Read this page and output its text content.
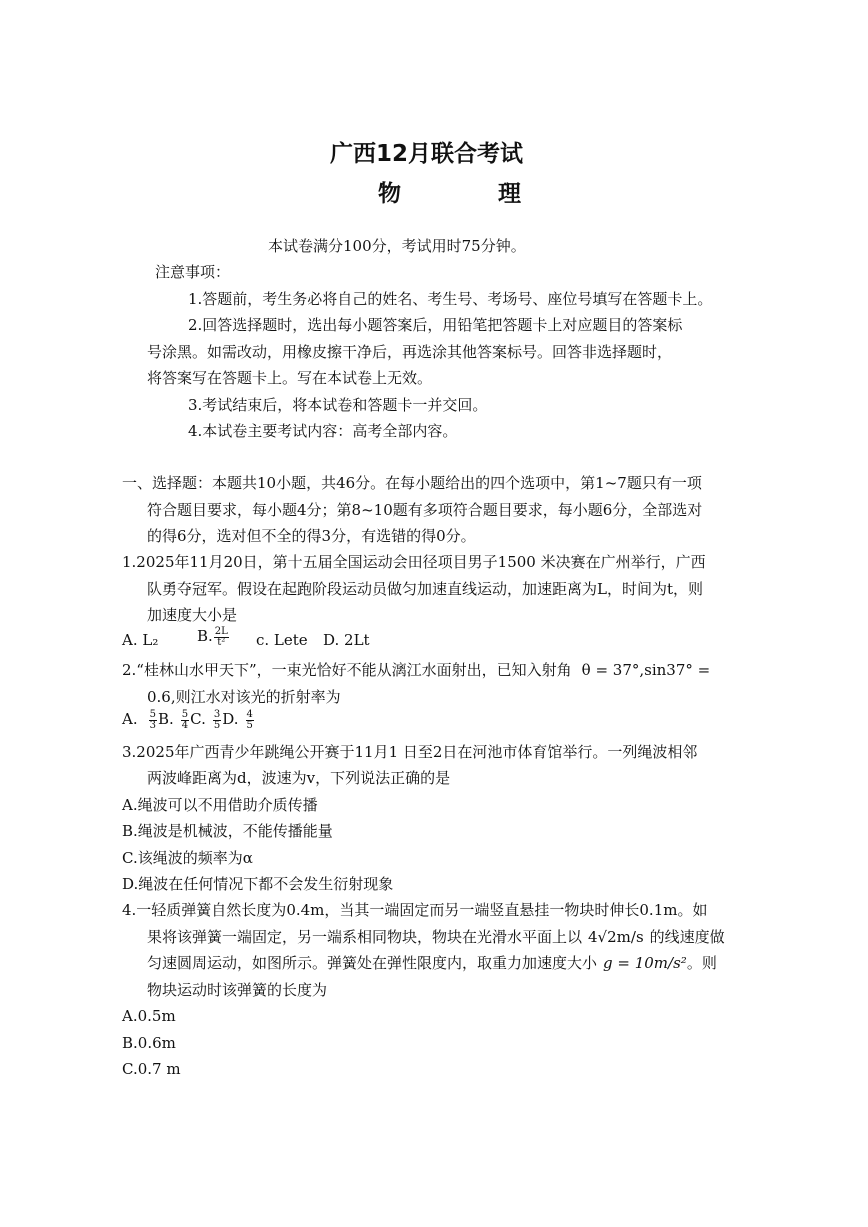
广西12月联合考试
物	理
本试卷满分100分，考试用时75分钟。
注意事项：
1.答题前，考生务必将自己的姓名、考生号、考场号、座位号填写在答题卡上。
2.回答选择题时，选出每小题答案后，用铅笔把答题卡上对应题目的答案标
号涂黑。如需改动，用橡皮擦干净后，再选涂其他答案标号。回答非选择题时，
将答案写在答题卡上。写在本试卷上无效。
3.考试结束后，将本试卷和答题卡一并交回。
4.本试卷主要考试内容：高考全部内容。
一、选择题：本题共10小题，共46分。在每小题给出的四个选项中，第1~7题只有一项
符合题目要求，每小题4分；第8~10题有多项符合题目要求，每小题6分，全部选对
的得6分，选对但不全的得3分，有选错的得0分。
1.2025年11月20日，第十五届全国运动会田径项目男子1500 米决赛在广州举行，广西
队勇夺冠军。假设在起跑阶段运动员做匀加速直线运动，加速距离为L，时间为t，则
加速度大小是
A. L₂	B. $\frac{2L}{\text{t²}} c$. Lete D. 2Lt
2.“桂林山水甲天下”，一束光恰好不能从漓江水面射出，已知入射角 θ = 37°,sin37° =
0.6,则江水对该光的折射率为
A. $\frac{5}{3} B$. $\frac{5}{4} C$. $\frac{3}{5} D$. $\frac{4}{5}$
3.2025年广西青少年跳绳公开赛于11月1 日至2日在河池市体育馆举行。一列绳波相邻
两波峰距离为d，波速为v，下列说法正确的是
A.绳波可以不用借助介质传播
B.绳波是机械波，不能传播能量
C.该绳波的频率为α
D.绳波在任何情况下都不会发生衍射现象
4.一轻质弹簧自然长度为0.4m，当其一端固定而另一端竖直悬挂一物块时伸长0.1m。如
果将该弹簧一端固定，另一端系相同物块，物块在光滑水平面上以 4√2m/s 的线速度做
匀速圆周运动，如图所示。弹簧处在弹性限度内，取重力加速度大小 g = 10m/s²。则
物块运动时该弹簧的长度为
A.0.5m
B.0.6m
C.0.7 m
